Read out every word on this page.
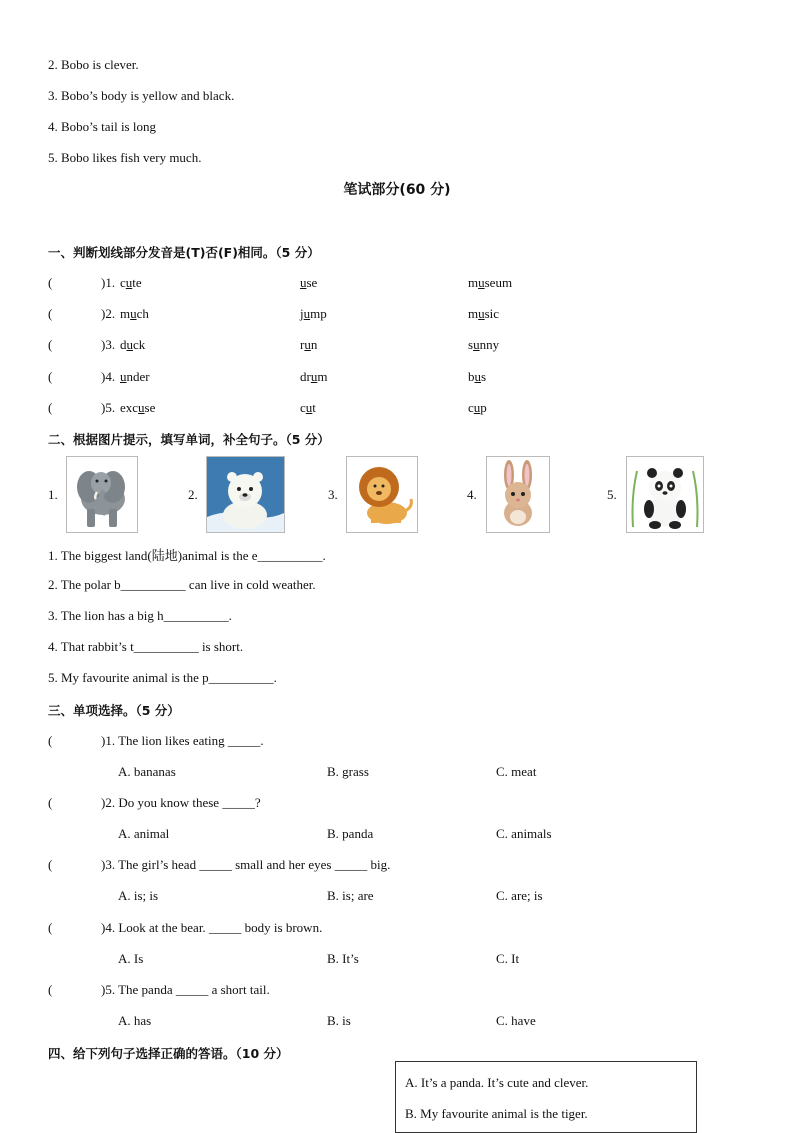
2. Bobo is clever.
3. Bobo’s body is yellow and black.
4. Bobo’s tail is long
5. Bobo likes fish very much.
笔试部分(60 分)
一、判断划线部分发音是(T)否(F)相同。（5 分）
(	)1. cute	use	museum
(	)2. much	jump	music
(	)3. duck	run	sunny
(	)4. under	drum	bus
(	)5. excuse	cut	cup
二、根据图片提示，填写单词，补全句子。（5 分）
1.	2.	3.	4.	5.
1. The biggest land(陆地)animal is the e__________.
2. The polar b__________ can live in cold weather.
3. The lion has a big h__________.
4. That rabbit’s t__________ is short.
5. My favourite animal is the p__________.
三、单项选择。（5 分）
(	)1. The lion likes eating _____.
A. bananas	B. grass	C. meat
(	)2. Do you know these _____?
A. animal	B. panda	C. animals
(	)3. The girl’s head _____ small and her eyes _____ big.
A. is; is	B. is; are	C. are; is
(	)4. Look at the bear. _____ body is brown.
A. Is	B. It’s	C. It
(	)5. The panda _____ a short tail.
A. has	B. is	C. have
四、给下列句子选择正确的答语。（10 分）
A. It’s a panda. It’s cute and clever.
B. My favourite animal is the tiger.
